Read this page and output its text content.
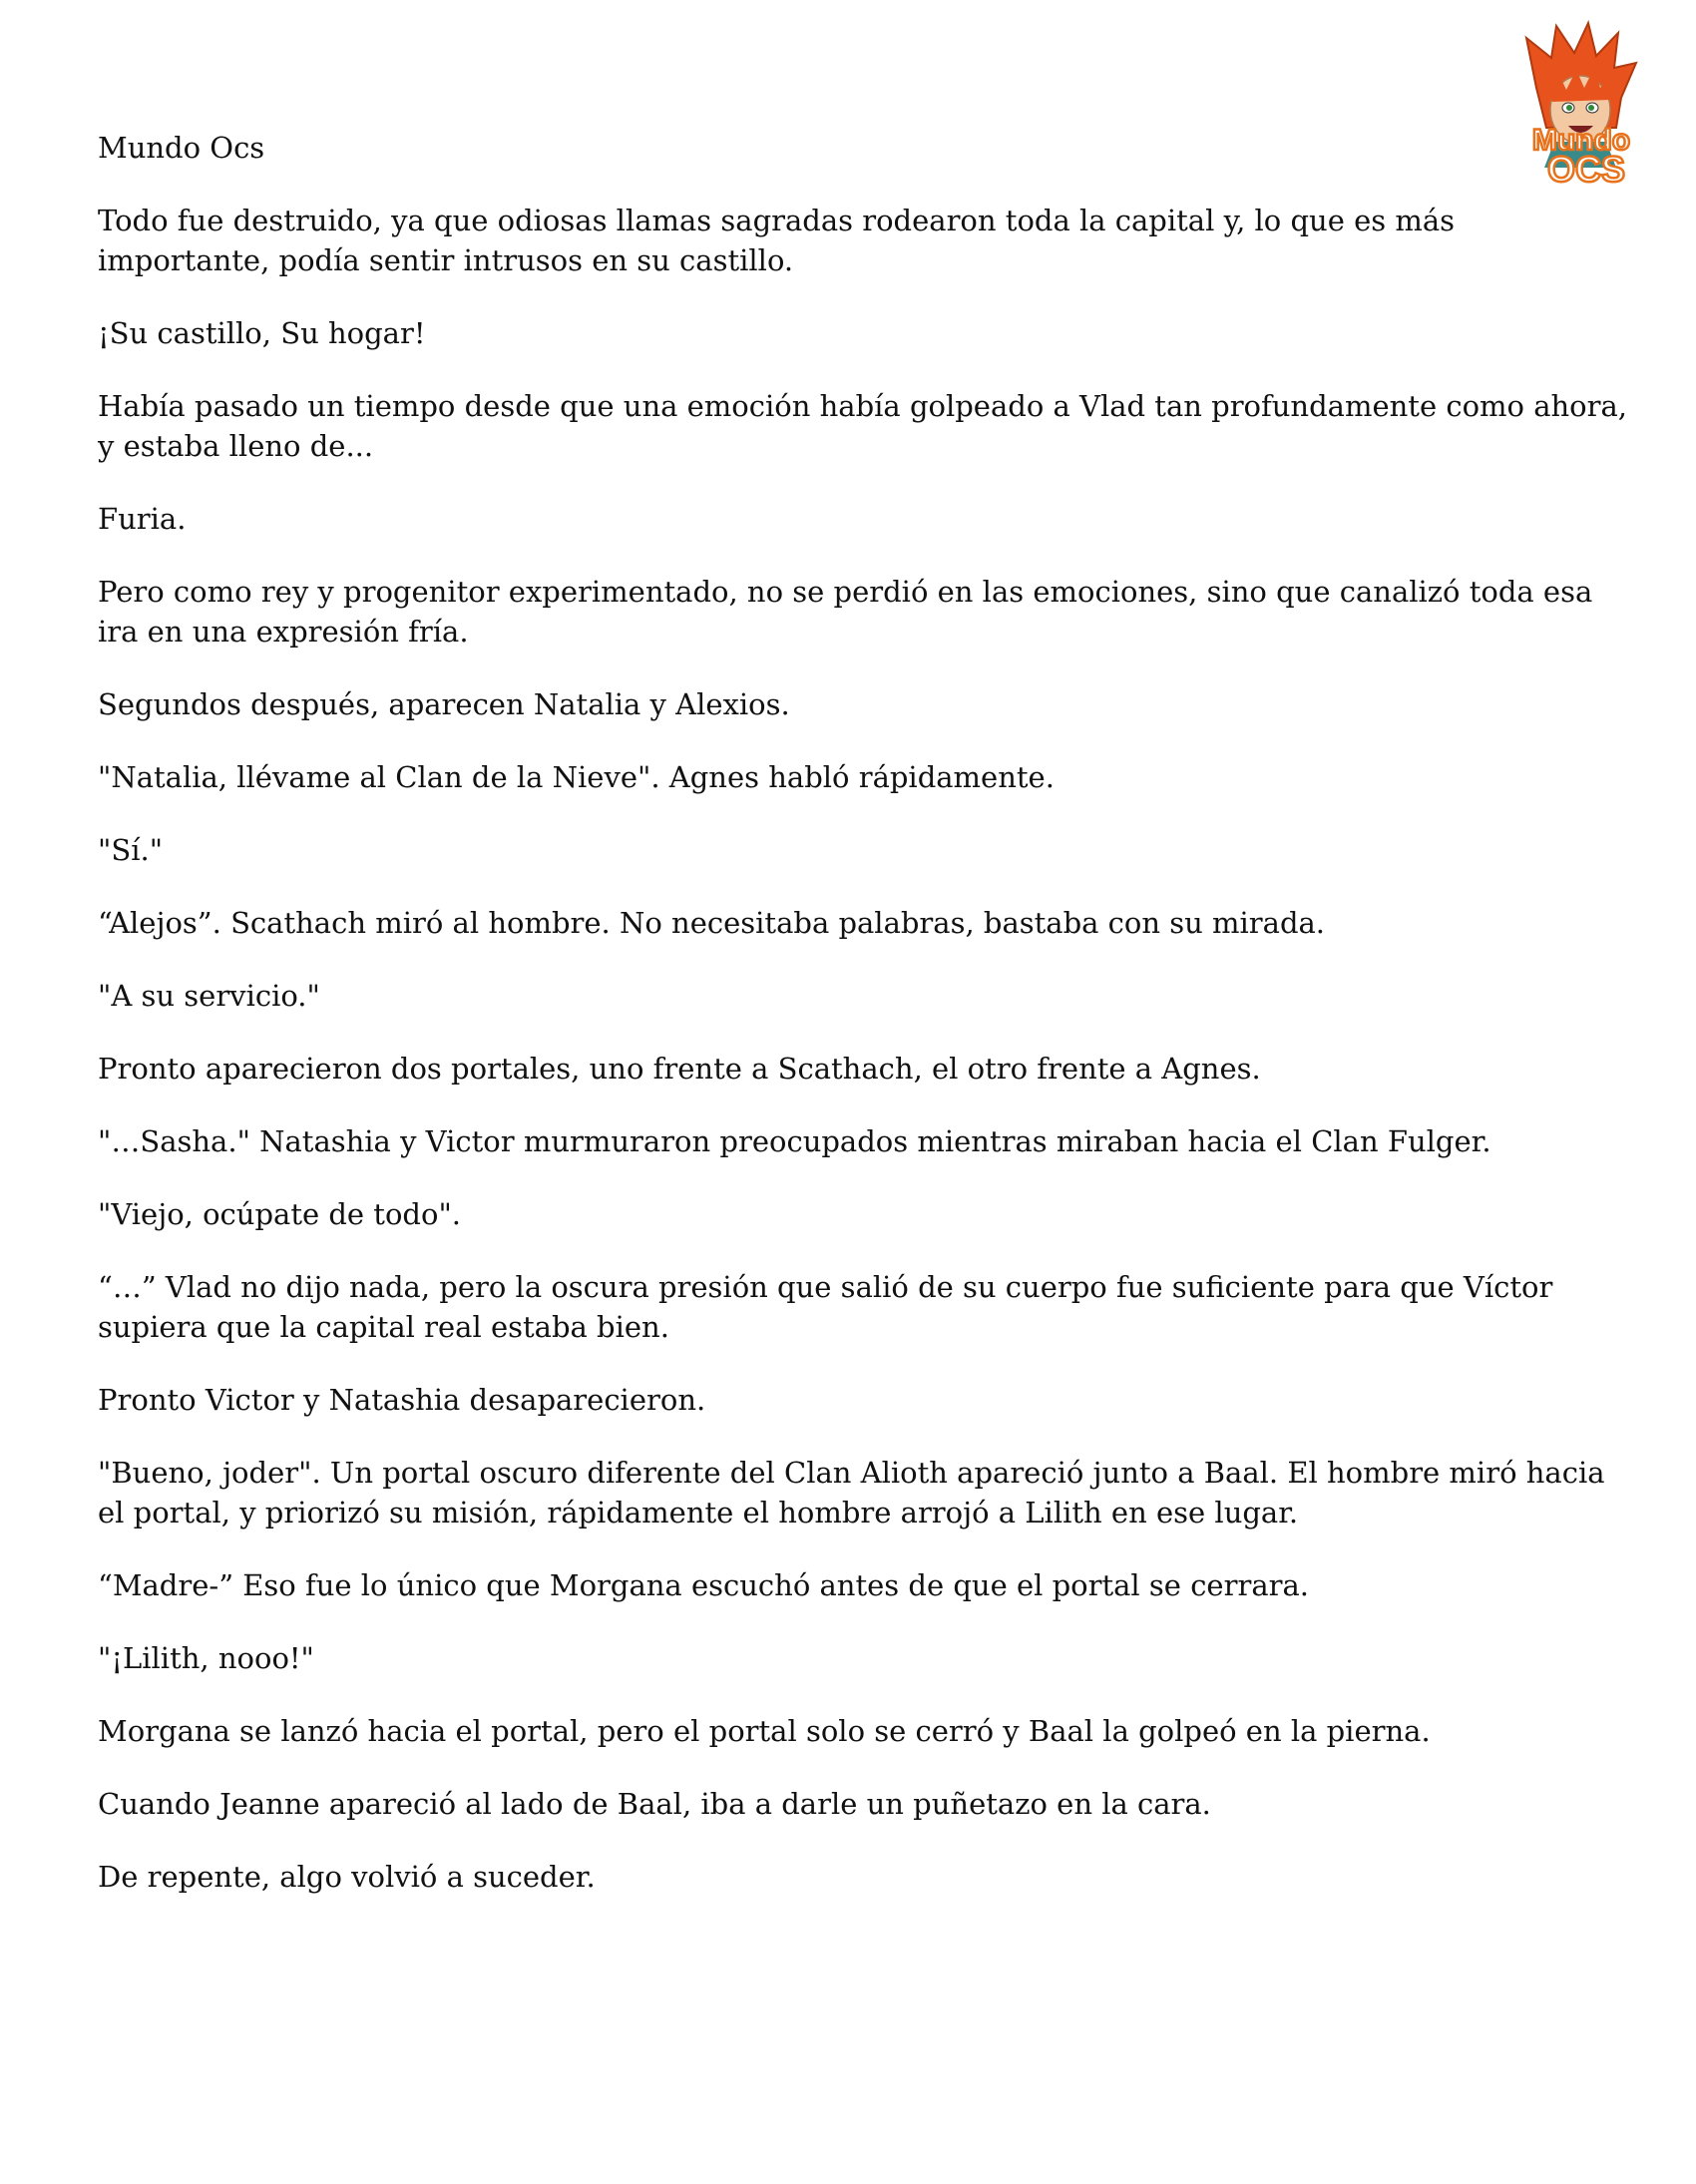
Mundo
OCS
Mundo Ocs
Todo fue destruido, ya que odiosas llamas sagradas rodearon toda la capital y, lo que es más importante, podía sentir intrusos en su castillo.
¡Su castillo, Su hogar!
Había pasado un tiempo desde que una emoción había golpeado a Vlad tan profundamente como ahora, y estaba lleno de...
Furia.
Pero como rey y progenitor experimentado, no se perdió en las emociones, sino que canalizó toda esa ira en una expresión fría.
Segundos después, aparecen Natalia y Alexios.
"Natalia, llévame al Clan de la Nieve". Agnes habló rápidamente.
"Sí."
“Alejos”. Scathach miró al hombre. No necesitaba palabras, bastaba con su mirada.
"A su servicio."
Pronto aparecieron dos portales, uno frente a Scathach, el otro frente a Agnes.
"…Sasha." Natashia y Victor murmuraron preocupados mientras miraban hacia el Clan Fulger.
"Viejo, ocúpate de todo".
“…” Vlad no dijo nada, pero la oscura presión que salió de su cuerpo fue suficiente para que Víctor supiera que la capital real estaba bien.
Pronto Victor y Natashia desaparecieron.
"Bueno, joder". Un portal oscuro diferente del Clan Alioth apareció junto a Baal. El hombre miró hacia el portal, y priorizó su misión, rápidamente el hombre arrojó a Lilith en ese lugar.
“Madre-” Eso fue lo único que Morgana escuchó antes de que el portal se cerrara.
"¡Lilith, nooo!"
Morgana se lanzó hacia el portal, pero el portal solo se cerró y Baal la golpeó en la pierna.
Cuando Jeanne apareció al lado de Baal, iba a darle un puñetazo en la cara.
De repente, algo volvió a suceder.
